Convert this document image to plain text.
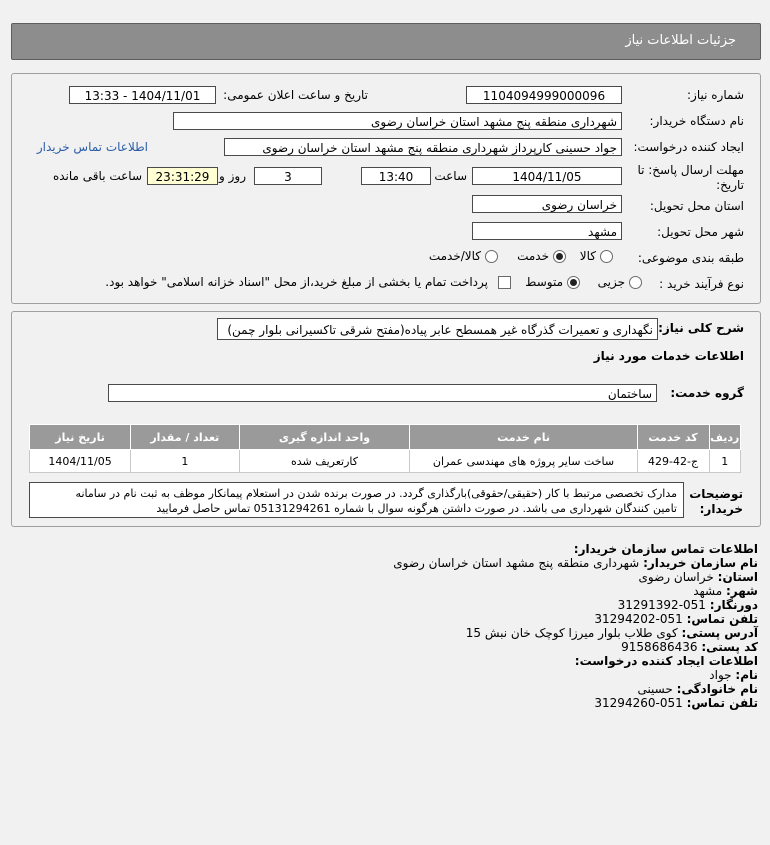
جزئیات اطلاعات نیاز
شماره نیاز:
1104094999000096
تاریخ و ساعت اعلان عمومی:
1404/11/01 - 13:33
نام دستگاه خریدار:
شهرداری منطقه پنج مشهد استان خراسان رضوی
ایجاد کننده درخواست:
جواد حسینی کارپرداز شهرداری منطقه پنج مشهد استان خراسان رضوی
اطلاعات تماس خریدار
مهلت ارسال پاسخ: تا
تاریخ:
1404/11/05
ساعت
13:40
3
روز و
23:31:29
ساعت باقی مانده
استان محل تحویل:
خراسان رضوی
شهر محل تحویل:
مشهد
طبقه بندی موضوعی:
کالا
خدمت
کالا/خدمت
نوع فرآیند خرید :
جزیی
متوسط
پرداخت تمام یا بخشی از مبلغ خرید،از محل "اسناد خزانه اسلامی" خواهد بود.
شرح کلی نیاز:
نگهداری و تعمیرات گذرگاه غیر همسطح عابر پیاده(مفتح شرقی تاکسیرانی بلوار چمن)
اطلاعات خدمات مورد نیاز
گروه خدمت:
ساختمان
ردیف	کد خدمت	نام خدمت	واحد اندازه گیری	تعداد / مقدار	تاریخ نیاز
1	ج-42-429	ساخت سایر پروژه های مهندسی عمران	کارتعریف شده	1	1404/11/05
توضیحات
خریدار:
مدارک تخصصی مرتبط با کار (حقیقی/حقوقی)بارگذاری گردد. در صورت برنده شدن در استعلام پیمانکار موظف به ثبت نام در سامانه
تامین کنندگان شهرداری می باشد. در صورت داشتن هرگونه سوال با شماره 05131294261 تماس حاصل فرمایید
اطلاعات تماس سازمان خریدار:
نام سازمان خریدار: شهرداری منطقه پنج مشهد استان خراسان رضوی
استان: خراسان رضوی
شهر: مشهد
دورنگار: 051-31291392
تلفن تماس: 051-31294202
آدرس پستی: کوی طلاب بلوار میرزا کوچک خان نبش 15
کد پستی: 9158686436
اطلاعات ایجاد کننده درخواست:
نام: جواد
نام خانوادگی: حسینی
تلفن تماس: 051-31294260
